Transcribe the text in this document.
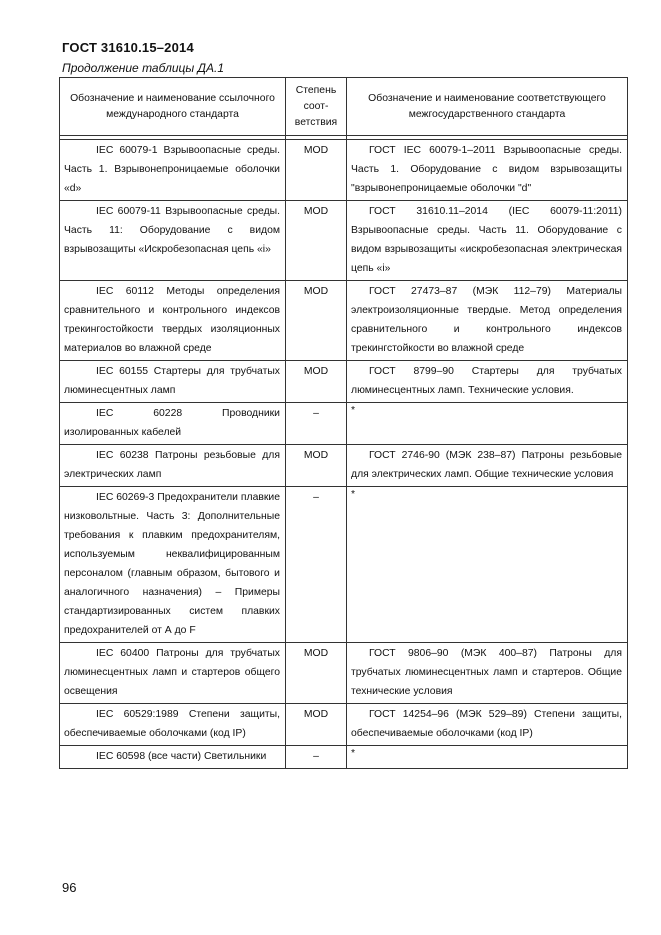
ГОСТ 31610.15–2014
Продолжение таблицы ДА.1
Обозначение и наименование ссылочного международного стандарта	Степень соот-ветствия	Обозначение и наименование соответствующего межгосударственного стандарта

IEC 60079-1 Взрывоопасные среды. Часть 1. Взрывонепроницаемые оболочки «d»	MOD	ГОСТ IEC 60079-1–2011 Взрывоопасные среды. Часть 1. Оборудование с видом взрывозащиты "взрывонепроницаемые оболочки "d"

IEC 60079-11 Взрывоопасные среды. Часть 11: Оборудование с видом взрывозащиты «Искробезопасная цепь «i»	MOD	ГОСТ 31610.11–2014 (IEC 60079-11:2011) Взрывоопасные среды. Часть 11. Оборудование с видом взрывозащиты «искробезопасная электрическая цепь «i»

IEC 60112 Методы определения сравнительного и контрольного индексов трекингостойкости твердых изоляционных материалов во влажной среде	MOD	ГОСТ 27473–87 (МЭК 112–79) Материалы электроизоляционные твердые. Метод определения сравнительного и контрольного индексов трекингстойкости во влажной среде

IEC 60155 Стартеры для трубчатых люминесцентных ламп	MOD	ГОСТ 8799–90 Стартеры для трубчатых люминесцентных ламп. Технические условия.

IEC 60228 Проводники изолированных кабелей	–	*

IEC 60238 Патроны резьбовые для электрических ламп	MOD	ГОСТ 2746-90 (МЭК 238–87) Патроны резьбовые для электрических ламп. Общие технические условия

IEC 60269-3 Предохранители плавкие низковольтные. Часть 3: Дополнительные требования к плавким предохранителям, используемым неквалифицированным персоналом (главным образом, бытового и аналогичного назначения) – Примеры стандартизированных систем плавких предохранителей от А до F	–	*

IEC 60400 Патроны для трубчатых люминесцентных ламп и стартеров общего освещения	MOD	ГОСТ 9806–90 (МЭК 400–87) Патроны для трубчатых люминесцентных ламп и стартеров. Общие технические условия

IEC 60529:1989 Степени защиты, обеспечиваемые оболочками (код IP)	MOD	ГОСТ 14254–96 (МЭК 529–89) Степени защиты, обеспечиваемые оболочками (код IP)

IEC 60598 (все части) Светильники	–	*
96
